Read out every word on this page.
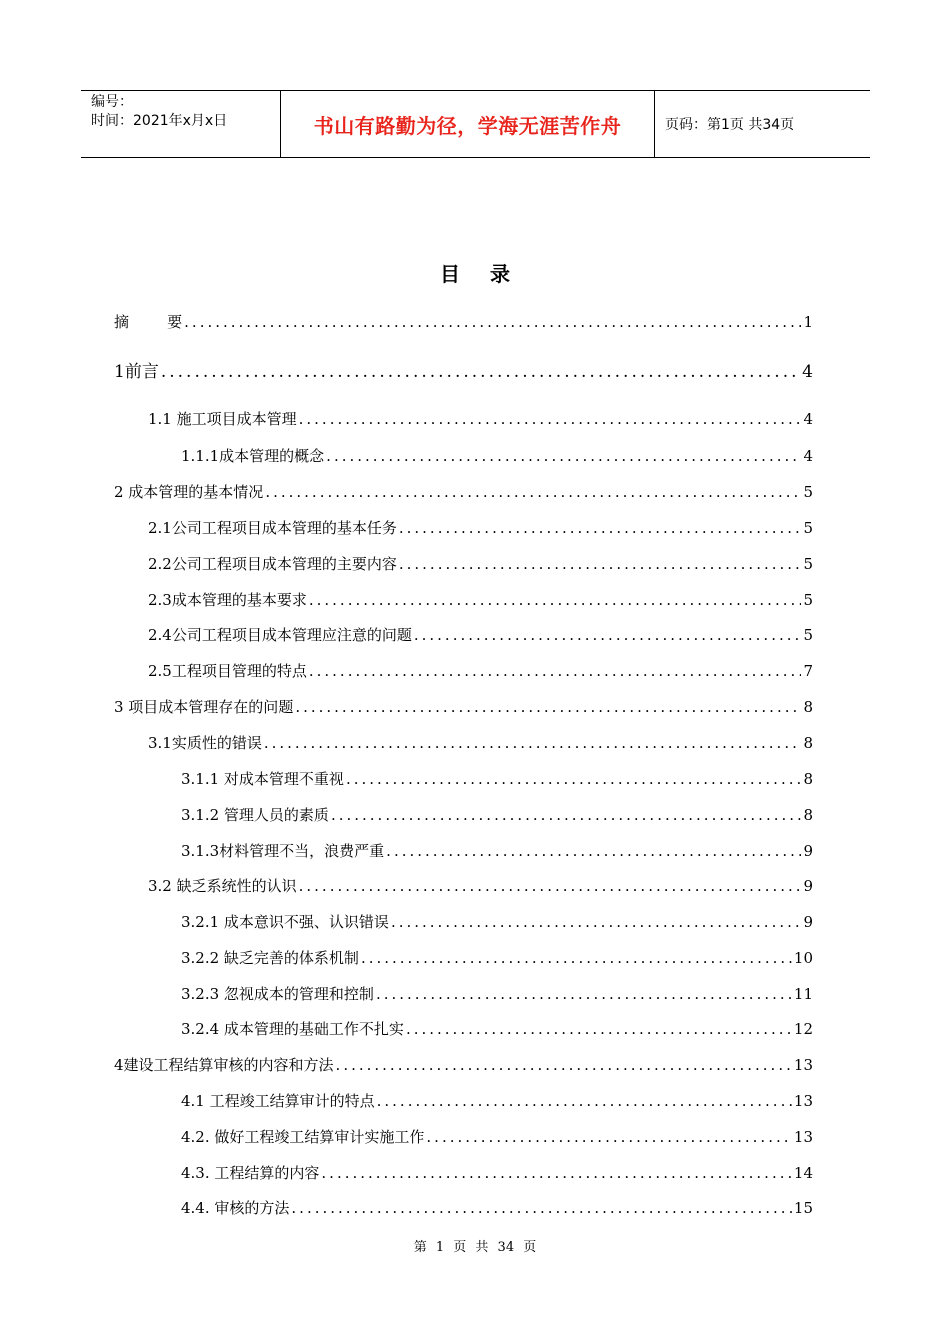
编号：
时间：2021年x月x日	书山有路勤为径，学海无涯苦作舟	页码：第1页 共34页
目录
摘        要 .....	1
1前言 .....	4
1.1 施工项目成本管理 .....	4
1.1.1成本管理的概念 .....	4
2 成本管理的基本情况 .....	5
2.1公司工程项目成本管理的基本任务 .....	5
2.2公司工程项目成本管理的主要内容 .....	5
2.3成本管理的基本要求 .....	5
2.4公司工程项目成本管理应注意的问题 .....	5
2.5工程项目管理的特点 .....	7
3 项目成本管理存在的问题 .....	8
3.1实质性的错误 .....	8
3.1.1 对成本管理不重视 .....	8
3.1.2 管理人员的素质 .....	8
3.1.3材料管理不当，浪费严重 .....	9
3.2 缺乏系统性的认识 .....	9
3.2.1 成本意识不强、认识错误 .....	9
3.2.2 缺乏完善的体系机制 .....	10
3.2.3 忽视成本的管理和控制 .....	11
3.2.4 成本管理的基础工作不扎实 .....	12
4建设工程结算审核的内容和方法 .....	13
4.1 工程竣工结算审计的特点 .....	13
4.2. 做好工程竣工结算审计实施工作 .....	13
4.3. 工程结算的内容 .....	14
4.4. 审核的方法 .....	15
第 1 页 共 34 页
